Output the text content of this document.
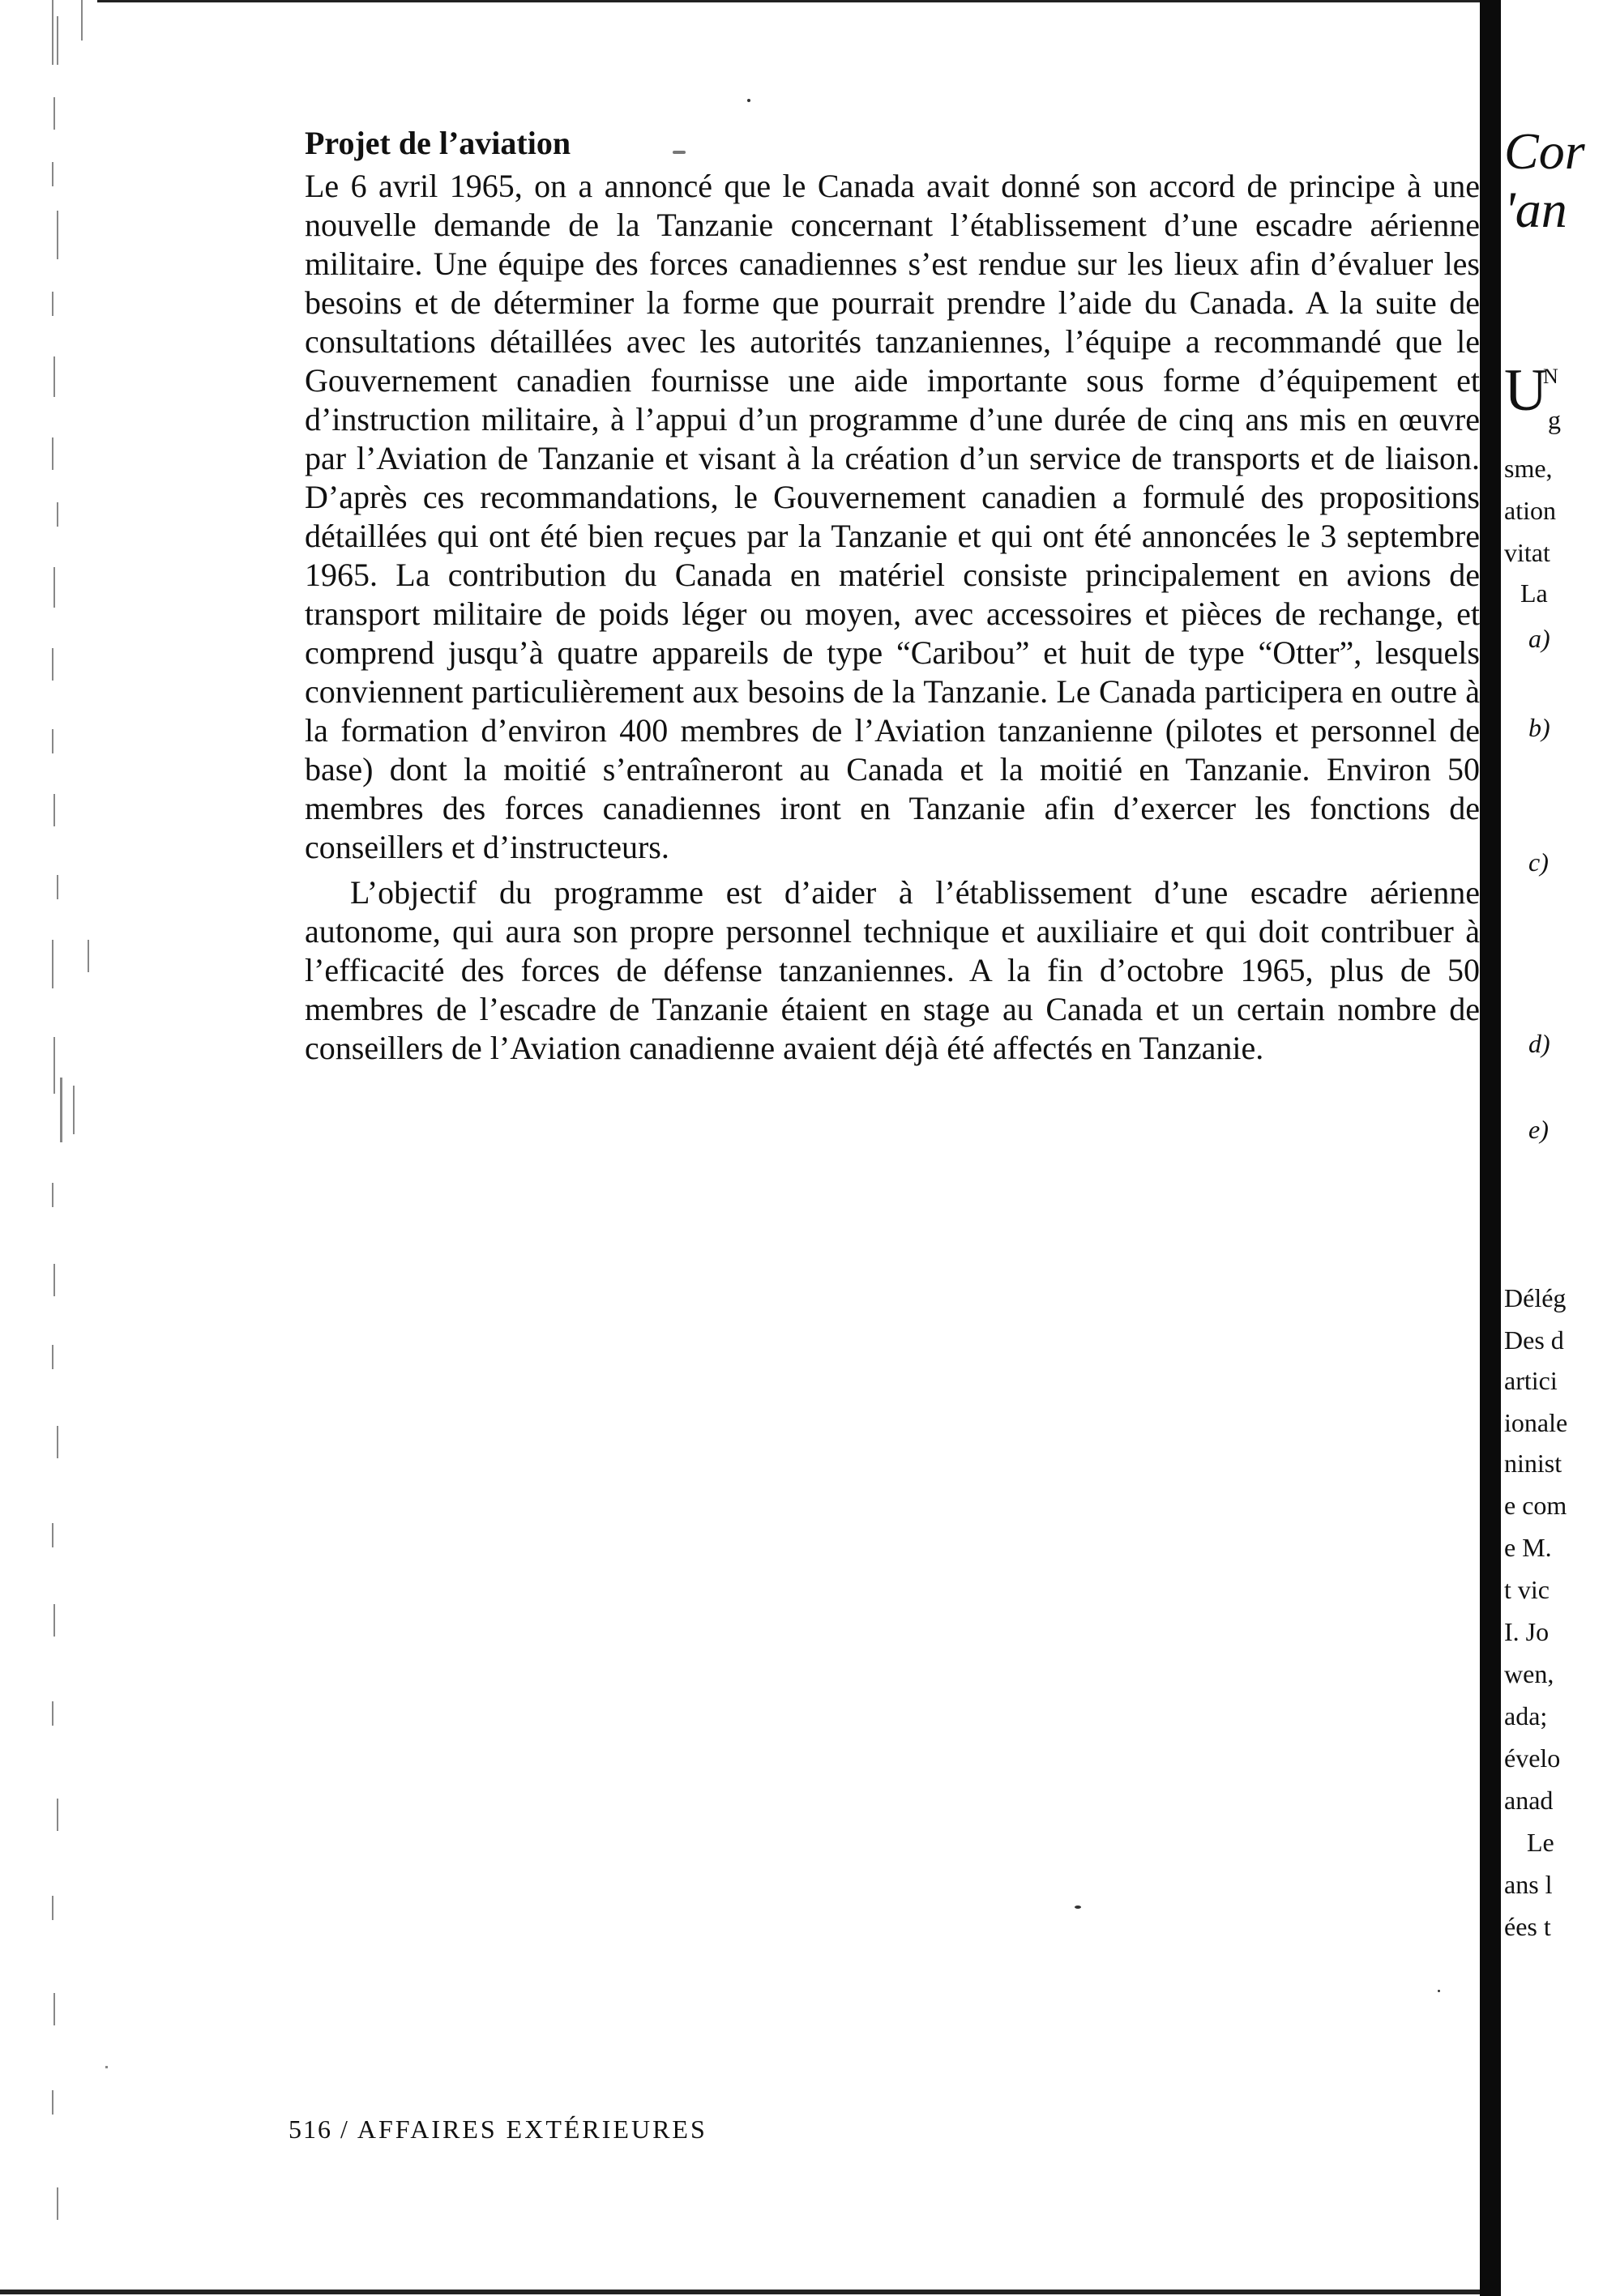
Projet de l’aviation

Le 6 avril 1965, on a annoncé que le Canada avait donné son accord de principe à une nouvelle demande de la Tanzanie concernant l’établissement d’une escadre aérienne militaire. Une équipe des forces canadiennes s’est rendue sur les lieux afin d’évaluer les besoins et de déterminer la forme que pourrait prendre l’aide du Canada. A la suite de consultations détaillées avec les autorités tanzaniennes, l’équipe a recommandé que le Gouvernement canadien fournisse une aide importante sous forme d’équipement et d’instruction militaire, à l’appui d’un programme d’une durée de cinq ans mis en œuvre par l’Aviation de Tanzanie et visant à la création d’un service de transports et de liaison. D’après ces recommandations, le Gouvernement canadien a formulé des propositions détaillées qui ont été bien reçues par la Tanzanie et qui ont été annoncées le 3 septembre 1965. La contribution du Canada en matériel consiste principalement en avions de transport militaire de poids léger ou moyen, avec accessoires et pièces de rechange, et comprend jusqu’à quatre appareils de type “Caribou” et huit de type “Otter”, lesquels conviennent particulièrement aux besoins de la Tanzanie. Le Canada participera en outre à la formation d’environ 400 membres de l’Aviation tanzanienne (pilotes et personnel de base) dont la moitié s’entraîneront au Canada et la moitié en Tanzanie. Environ 50 membres des forces canadiennes iront en Tanzanie afin d’exercer les fonctions de conseillers et d’instructeurs.

L’objectif du programme est d’aider à l’établissement d’une escadre aérienne autonome, qui aura son propre personnel technique et auxiliaire et qui doit contribuer à l’efficacité des forces de défense tanzaniennes. A la fin d’octobre 1965, plus de 50 membres de l’escadre de Tanzanie étaient en stage au Canada et un certain nombre de conseillers de l’Aviation canadienne avaient déjà été affectés en Tanzanie.

516 / AFFAIRES EXTÉRIEURES
Cor
'an
U
N
g
sme,
ation
vitat
La
a)
b)
c)
d)
e)
Délég
Des d
artici
ionale
ninist
e com
e M.
t vic
I. Jo
wen,
ada;
évelo
anad
Le
ans l
ées t
